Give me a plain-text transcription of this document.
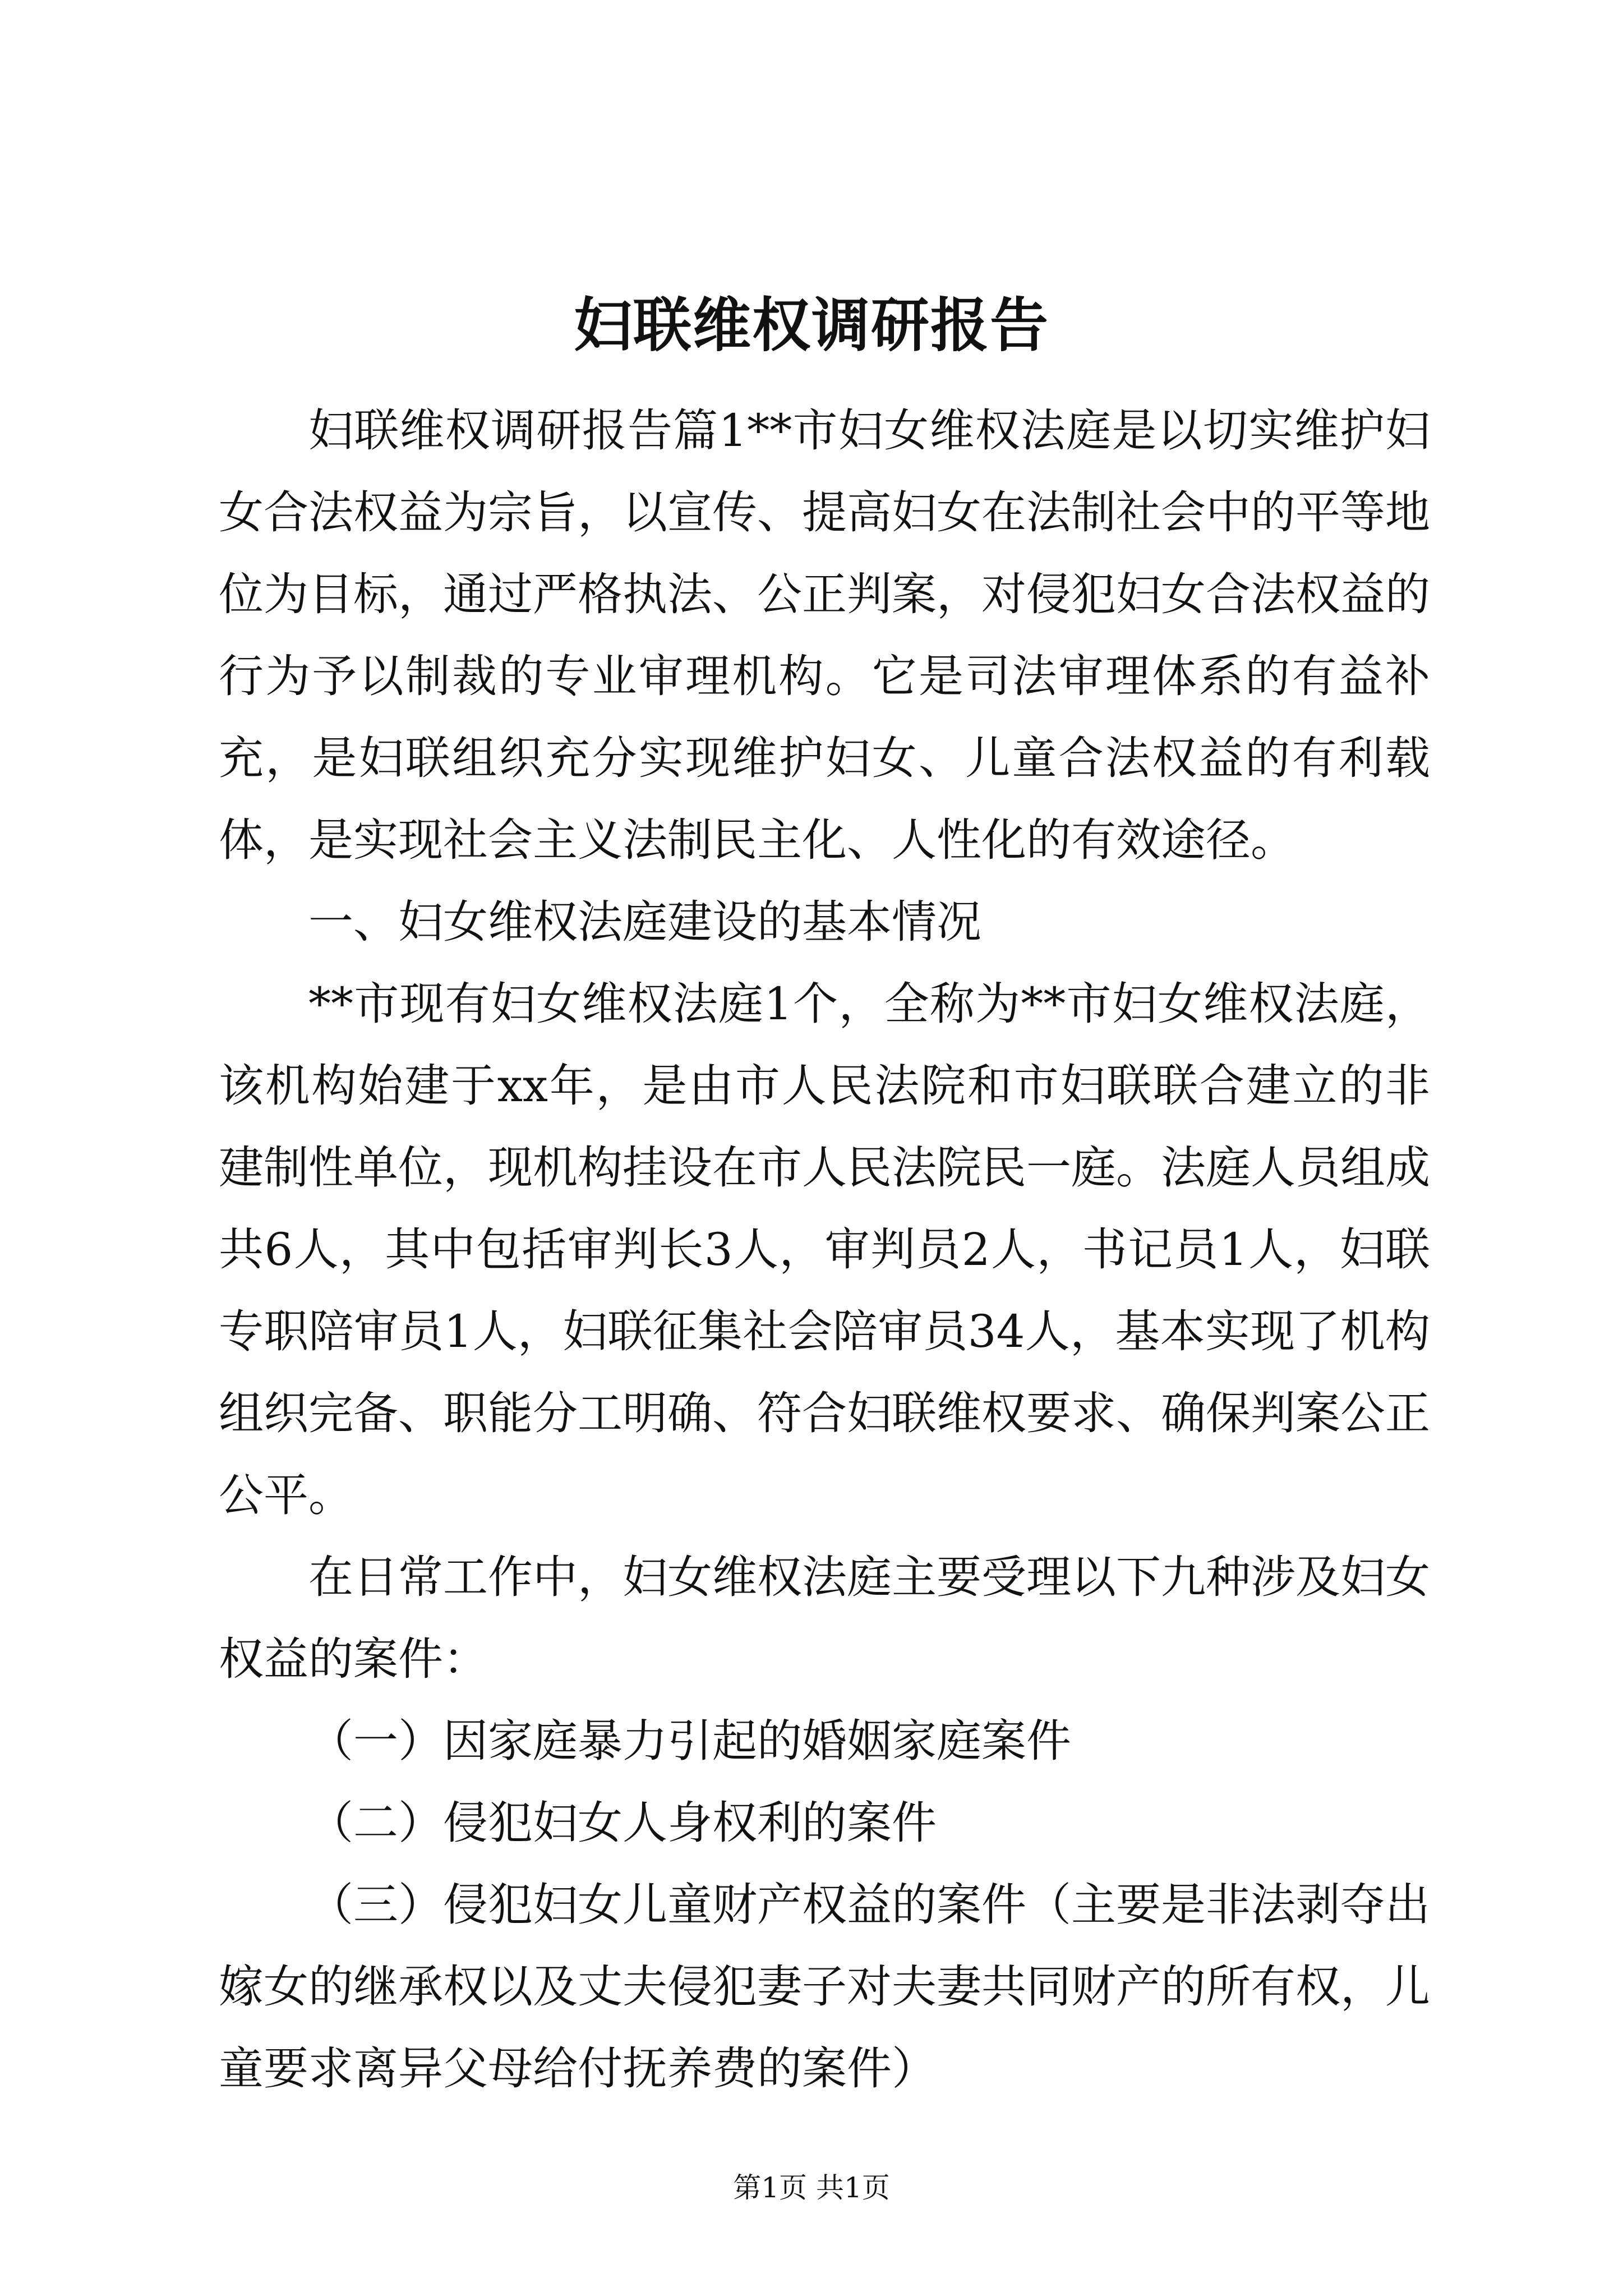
妇联维权调研报告

妇联维权调研报告篇1**市妇女维权法庭是以切实维护妇女合法权益为宗旨，以宣传、提高妇女在法制社会中的平等地位为目标，通过严格执法、公正判案，对侵犯妇女合法权益的行为予以制裁的专业审理机构。它是司法审理体系的有益补充，是妇联组织充分实现维护妇女、儿童合法权益的有利载体，是实现社会主义法制民主化、人性化的有效途径。

一、妇女维权法庭建设的基本情况

**市现有妇女维权法庭1个，全称为**市妇女维权法庭，该机构始建于xx年，是由市人民法院和市妇联联合建立的非建制性单位，现机构挂设在市人民法院民一庭。法庭人员组成共6人，其中包括审判长3人，审判员2人，书记员1人，妇联专职陪审员1人，妇联征集社会陪审员34人，基本实现了机构组织完备、职能分工明确、符合妇联维权要求、确保判案公正公平。

在日常工作中，妇女维权法庭主要受理以下九种涉及妇女权益的案件：

（一）因家庭暴力引起的婚姻家庭案件

（二）侵犯妇女人身权利的案件

（三）侵犯妇女儿童财产权益的案件（主要是非法剥夺出嫁女的继承权以及丈夫侵犯妻子对夫妻共同财产的所有权，儿童要求离异父母给付抚养费的案件）

第1页 共1页
